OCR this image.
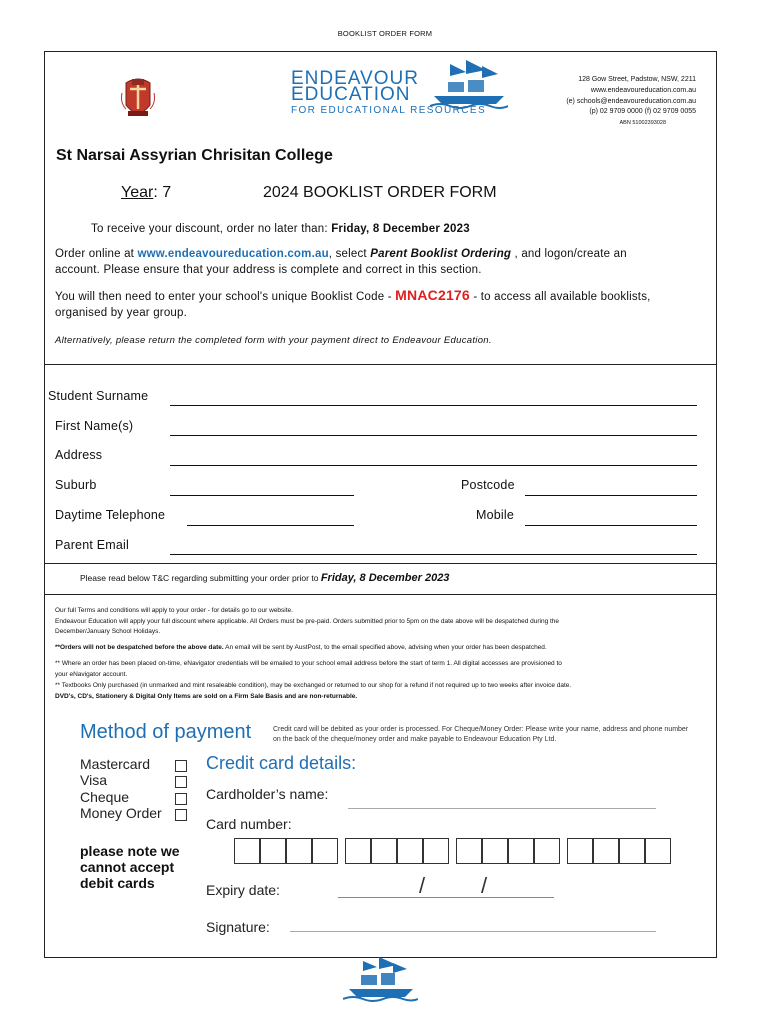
BOOKLIST ORDER FORM
ENDEAVOUR
EDUCATION
FOR EDUCATIONAL RESOURCES
128 Gow Street, Padstow, NSW, 2211
www.endeavoureducation.com.au
(e) schools@endeavoureducation.com.au
(p) 02 9709 0000 (f) 02 9709 0055
ABN 51002393028
St Narsai Assyrian Chrisitan College
Year: 7	2024 BOOKLIST ORDER FORM
To receive your discount, order no later than: Friday, 8 December 2023
Order online at www.endeavoureducation.com.au, select Parent Booklist Ordering , and logon/create an
account. Please ensure that your address is complete and correct in this section.
You will then need to enter your school's unique Booklist Code - MNAC2176 - to access all available booklists,
organised by year group.
Alternatively, please return the completed form with your payment direct to Endeavour Education.
Student Surname
First Name(s)
Address
Suburb	Postcode
Daytime Telephone	Mobile
Parent Email
Please read below T&C regarding submitting your order prior to Friday, 8 December 2023
Our full Terms and conditions will apply to your order - for details go to our website.
Endeavour Education will apply your full discount where applicable. All Orders must be pre-paid. Orders submitted prior to 5pm on the date above will be despatched during the
December/January School Holidays.
**Orders will not be despatched before the above date. An email will be sent by AustPost, to the email specified above, advising when your order has been despatched.
** Where an order has been placed on-time, eNavigator credentials will be emailed to your school email address before the start of term 1. All digital accesses are provisioned to
your eNavigator account.
** Textbooks Only purchased (in unmarked and mint resaleable condition), may be exchanged or returned to our shop for a refund if not required up to two weeks after invoice date.
DVD's, CD's, Stationery & Digital Only Items are sold on a Firm Sale Basis and are non-returnable.
Method of payment	Credit card will be debited as your order is processed. For Cheque/Money Order: Please write your name, address and phone number on the back of the cheque/money order and make payable to Endeavour Education Pty Ltd.
Mastercard
Visa
Cheque
Money Order
please note we
cannot accept
debit cards
Credit card details:
Cardholder’s name:
Card number:
Expiry date:	/	/
Signature:
